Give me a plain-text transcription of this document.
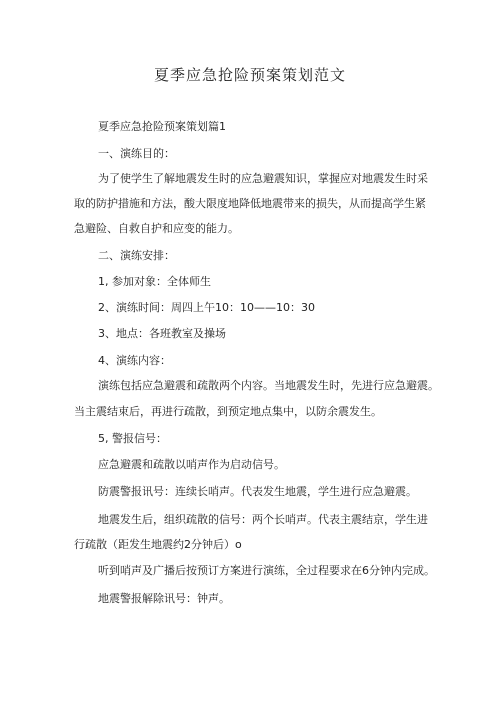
夏季应急抢险预案策划范文
夏季应急抢险预案策划篇1
一、演练目的：
为了使学生了解地震发生时的应急避震知识，掌握应对地震发生时采
取的防护措施和方法，酸大限度地降低地震带来的损失，从而提高学生紧
急避险、自救自护和应变的能力。
二、演练安排：
1, 参加对象：全体师生
2、演练时间：周四上午10：10——10：30
3、地点：各班教室及操场
4、演练内容：
演练包括应急避震和疏散两个内容。当地震发生时，先进行应急避震。
当主震结束后，再进行疏散，到预定地点集中，以防余震发生。
5, 警报信号：
应急避震和疏散以哨声作为启动信号。
防震警报讯号：连续长哨声。代表发生地震，学生进行应急避震。
地震发生后，组织疏散的信号：两个长哨声。代表主震结京，学生进
行疏散（距发生地震约2分钟后）o
听到哨声及广播后按预订方案进行演练，全过程要求在6分钟内完成。
地震警报解除讯号：钟声。
